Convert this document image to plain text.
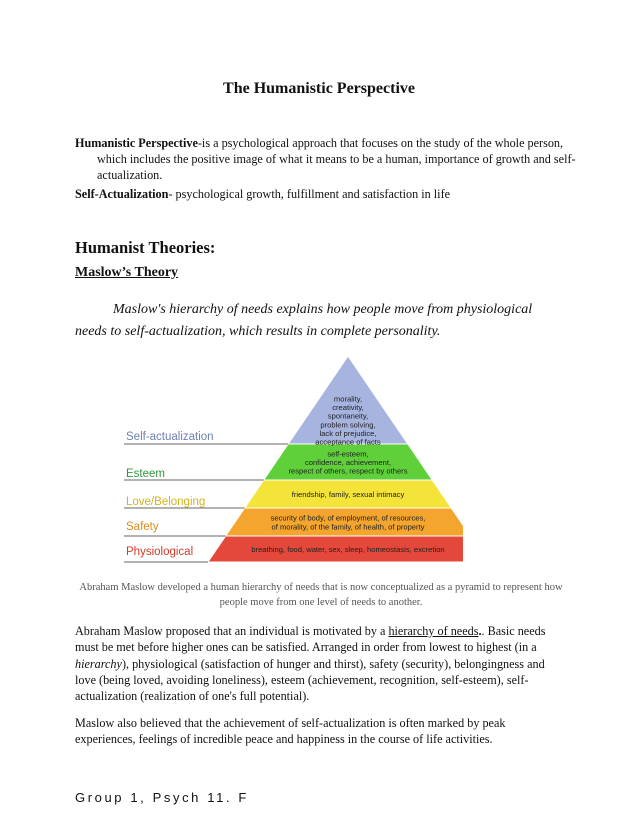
The Humanistic Perspective
Humanistic Perspective-is a psychological approach that focuses on the study of the whole person, which includes the positive image of what it means to be a human, importance of growth and self-actualization.
Self-Actualization- psychological growth, fulfillment and satisfaction in life
Humanist Theories:
Maslow’s Theory
Maslow's hierarchy of needs explains how people move from physiological needs to self-actualization, which results in complete personality.
Self-actualization
Esteem
Love/Belonging
Safety
Physiological
morality,
creativity,
spontaneity,
problem solving,
lack of prejudice,
acceptance of facts
self-esteem,
confidence, achievement,
respect of others, respect by others
friendship, family, sexual intimacy
security of body, of employment, of resources,
of morality, of the family, of health, of property
breathing, food, water, sex, sleep, homeostasis, excretion
Abraham Maslow developed a human hierarchy of needs that is now conceptualized as a pyramid to represent how people move from one level of needs to another.
Abraham Maslow proposed that an individual is motivated by a hierarchy of needs.. Basic needs must be met before higher ones can be satisfied. Arranged in order from lowest to highest (in a hierarchy), physiological (satisfaction of hunger and thirst), safety (security), belongingness and love (being loved, avoiding loneliness), esteem (achievement, recognition, self-esteem), self-actualization (realization of one's full potential).
Maslow also believed that the achievement of self-actualization is often marked by peak experiences, feelings of incredible peace and happiness in the course of life activities.
Group 1, Psych 11. F
